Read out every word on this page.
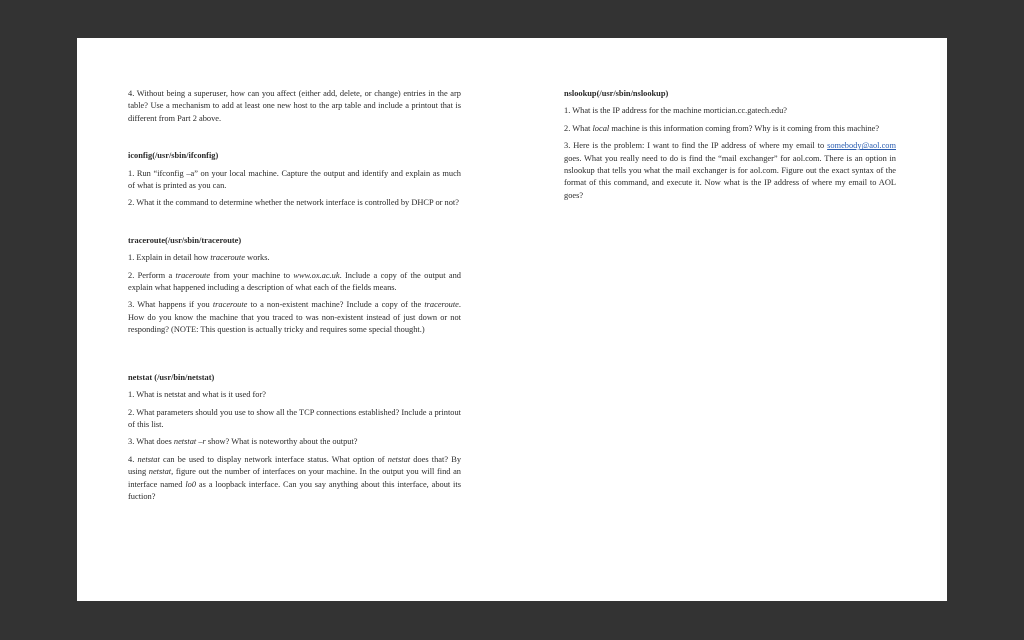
4. Without being a superuser, how can you affect (either add, delete, or change) entries in the arp table? Use a mechanism to add at least one new host to the arp table and include a printout that is different from Part 2 above.

iconfig(/usr/sbin/ifconfig)

1. Run “ifconfig –a” on your local machine. Capture the output and identify and explain as much of what is printed as you can.

2. What it the command to determine whether the network interface is controlled by DHCP or not?

traceroute(/usr/sbin/traceroute)

1. Explain in detail how traceroute works.

2. Perform a traceroute from your machine to www.ox.ac.uk. Include a copy of the output and explain what happened including a description of what each of the fields means.

3. What happens if you traceroute to a non-existent machine? Include a copy of the traceroute. How do you know the machine that you traced to was non-existent instead of just down or not responding? (NOTE: This question is actually tricky and requires some special thought.)

netstat (/usr/bin/netstat)

1. What is netstat and what is it used for?

2. What parameters should you use to show all the TCP connections established? Include a printout of this list.

3. What does netstat –r show? What is noteworthy about the output?

4. netstat can be used to display network interface status. What option of netstat does that? By using netstat, figure out the number of interfaces on your machine. In the output you will find an interface named lo0 as a loopback interface. Can you say anything about this interface, about its fuction?

nslookup(/usr/sbin/nslookup)

1. What is the IP address for the machine mortician.cc.gatech.edu?

2. What local machine is this information coming from? Why is it coming from this machine?

3. Here is the problem: I want to find the IP address of where my email to somebody@aol.com goes. What you really need to do is find the “mail exchanger” for aol.com. There is an option in nslookup that tells you what the mail exchanger is for aol.com. Figure out the exact syntax of the format of this command, and execute it. Now what is the IP address of where my email to AOL goes?
